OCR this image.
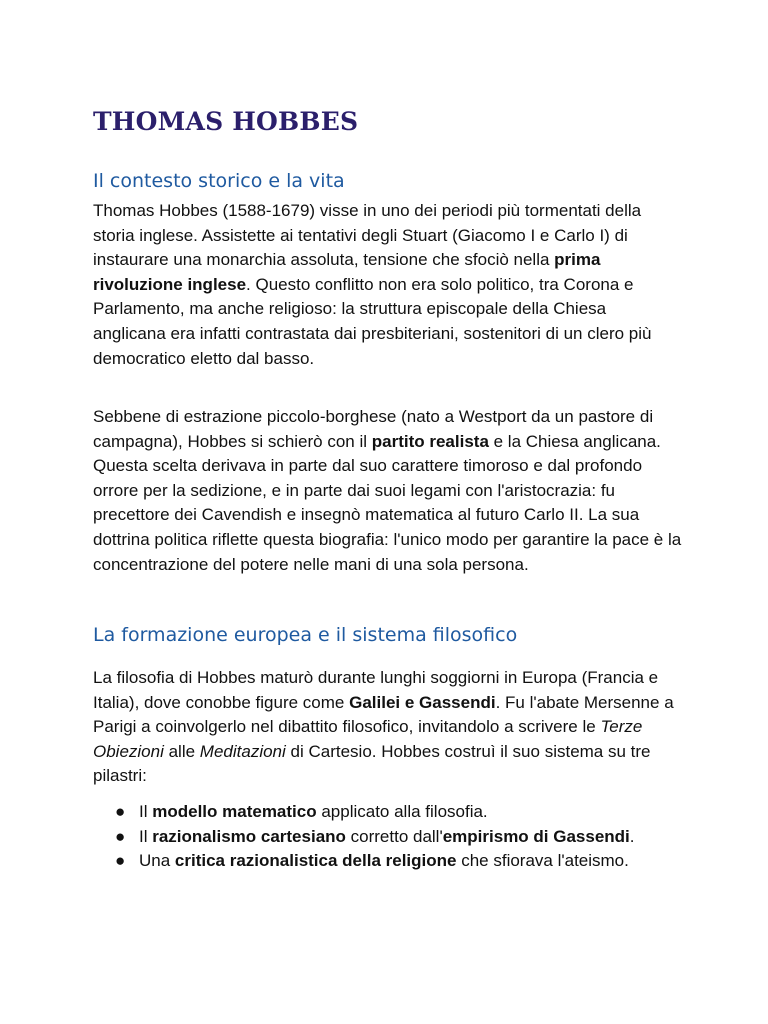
THOMAS HOBBES
Il contesto storico e la vita

Thomas Hobbes (1588-1679) visse in uno dei periodi più tormentati della storia inglese. Assistette ai tentativi degli Stuart (Giacomo I e Carlo I) di instaurare una monarchia assoluta, tensione che sfociò nella prima rivoluzione inglese. Questo conflitto non era solo politico, tra Corona e Parlamento, ma anche religioso: la struttura episcopale della Chiesa anglicana era infatti contrastata dai presbiteriani, sostenitori di un clero più democratico eletto dal basso.

Sebbene di estrazione piccolo-borghese (nato a Westport da un pastore di campagna), Hobbes si schierò con il partito realista e la Chiesa anglicana. Questa scelta derivava in parte dal suo carattere timoroso e dal profondo orrore per la sedizione, e in parte dai suoi legami con l'aristocrazia: fu precettore dei Cavendish e insegnò matematica al futuro Carlo II. La sua dottrina politica riflette questa biografia: l'unico modo per garantire la pace è la concentrazione del potere nelle mani di una sola persona.

La formazione europea e il sistema filosofico

La filosofia di Hobbes maturò durante lunghi soggiorni in Europa (Francia e Italia), dove conobbe figure come Galilei e Gassendi. Fu l'abate Mersenne a Parigi a coinvolgerlo nel dibattito filosofico, invitandolo a scrivere le Terze Obiezioni alle Meditazioni di Cartesio. Hobbes costruì il suo sistema su tre pilastri:

● Il modello matematico applicato alla filosofia.
● Il razionalismo cartesiano corretto dall'empirismo di Gassendi.
● Una critica razionalistica della religione che sfiorava l'ateismo.
